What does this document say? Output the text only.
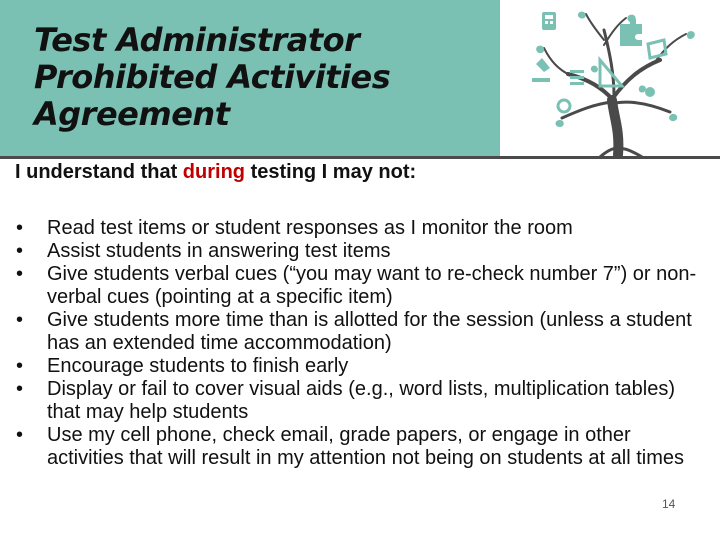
Test Administrator
Prohibited Activities
Agreement

I understand that during testing I may not:

• Read test items or student responses as I monitor the room
• Assist students in answering test items
• Give students verbal cues (“you may want to re-check number 7”) or non-verbal cues (pointing at a specific item)
• Give students more time than is allotted for the session (unless a student has an extended time accommodation)
• Encourage students to finish early
• Display or fail to cover visual aids (e.g., word lists, multiplication tables) that may help students
• Use my cell phone, check email, grade papers, or engage in other activities that will result in my attention not being on students at all times
14
